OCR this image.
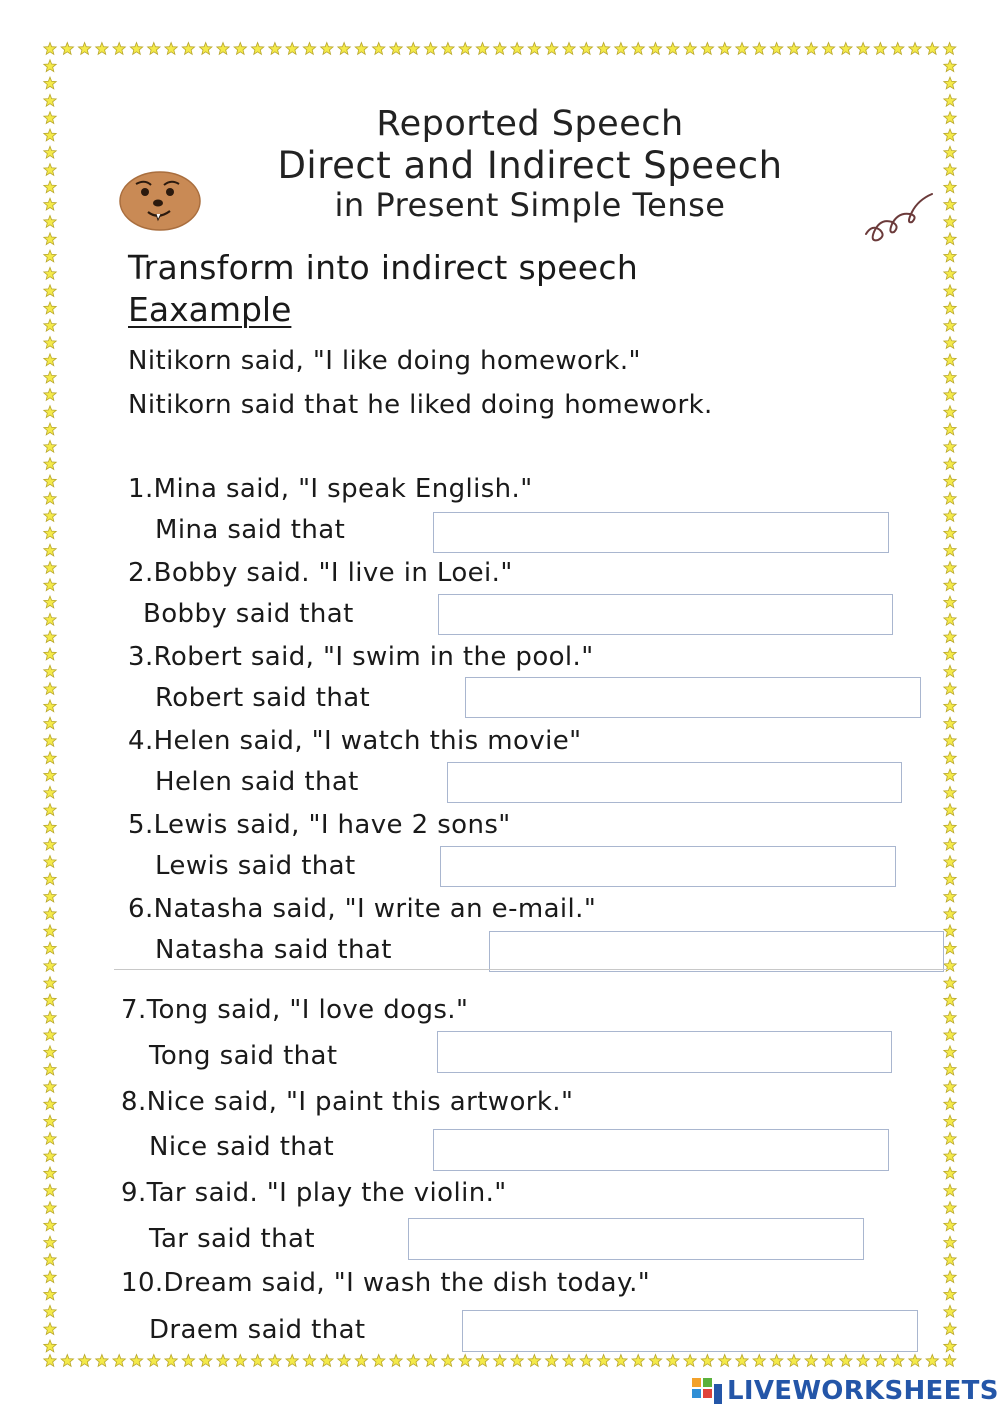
Reported Speech
Direct and Indirect Speech
in Present Simple Tense
Transform into indirect speech
Eaxample
Nitikorn said, "I like doing homework."
Nitikorn said that he liked doing homework.
1.Mina said, "I speak English."
Mina said that
2.Bobby said. "I live in Loei."
Bobby said that
3.Robert said, "I swim in the pool."
Robert said that
4.Helen said, "I watch this movie"
Helen said that
5.Lewis said, "I have 2 sons"
Lewis said that
6.Natasha said, "I write an e-mail."
Natasha said that
7.Tong said, "I love dogs."
Tong said that
8.Nice said, "I paint this artwork."
Nice said that
9.Tar said. "I play the violin."
Tar said that
10.Dream said, "I wash the dish today."
Draem said that
LIVEWORKSHEETS
